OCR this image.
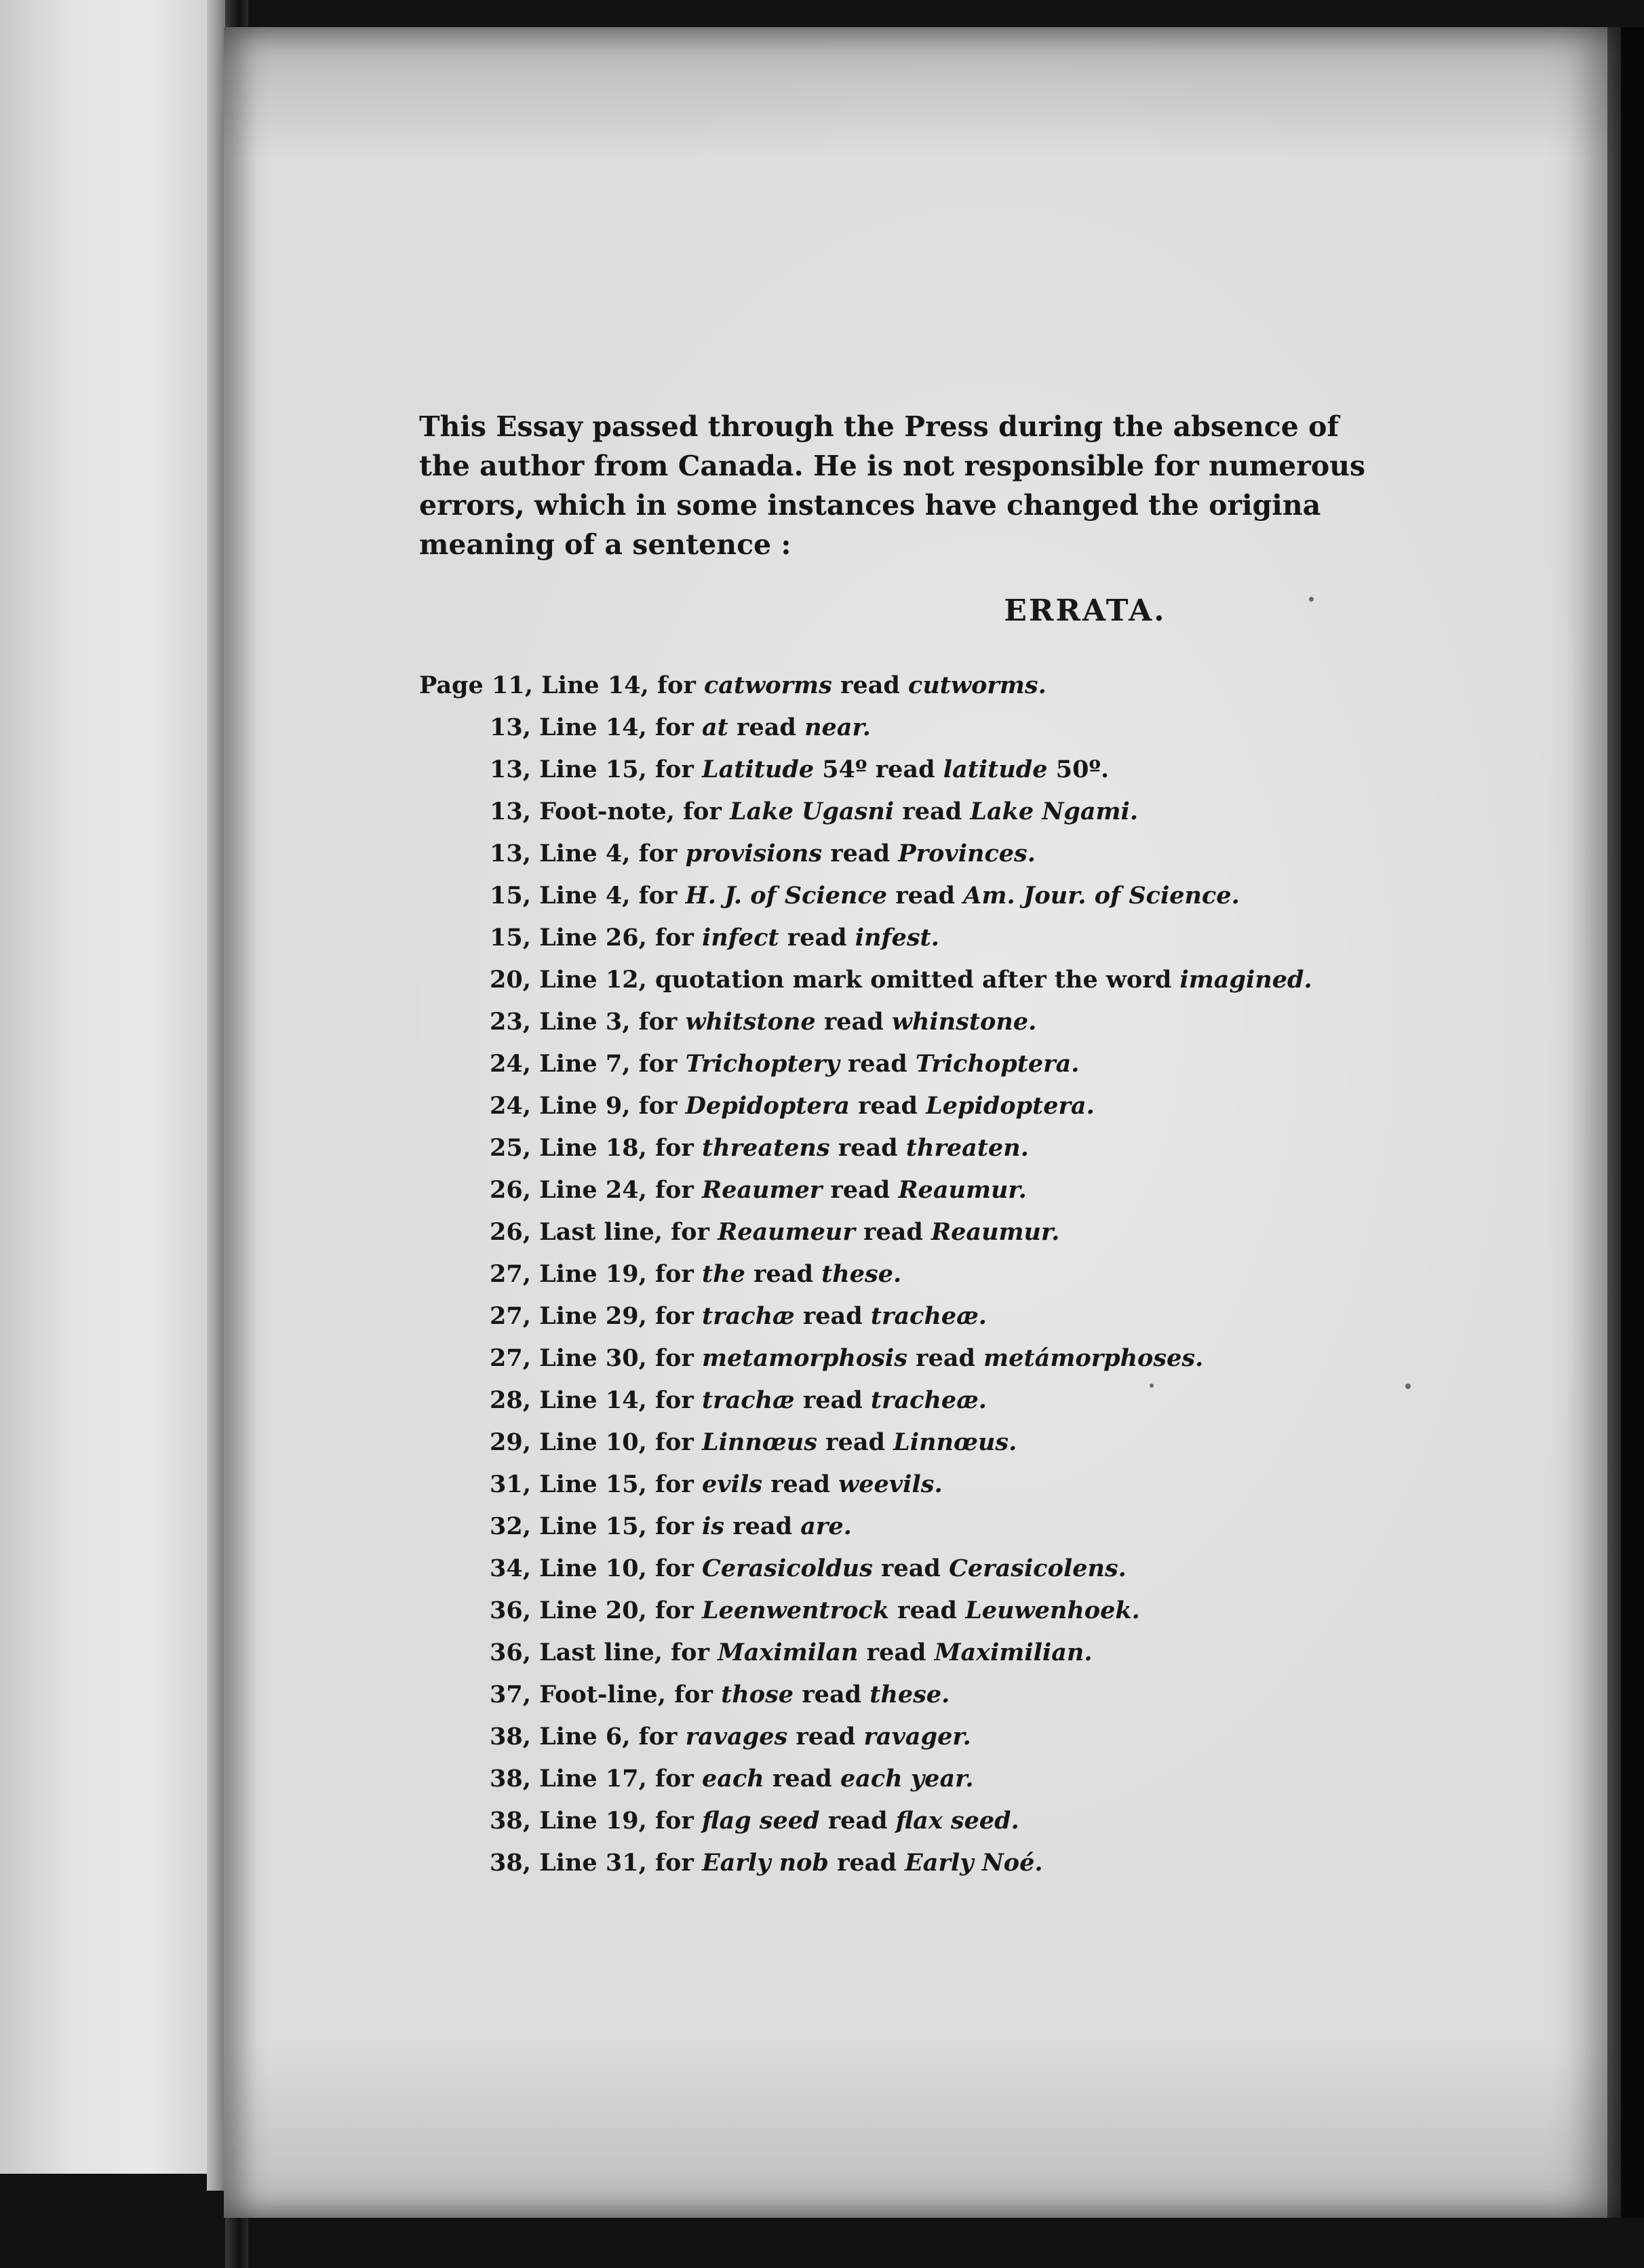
This Essay passed through the Press during the absence of
the author from Canada. He is not responsible for numerous
errors, which in some instances have changed the origina
meaning of a sentence :
ERRATA.
Page 11, Line 14, for catworms read cutworms.
13, Line 14, for at read near.
13, Line 15, for Latitude 54º read latitude 50º.
13, Foot-note, for Lake Ugasni read Lake Ngami.
13, Line 4, for provisions read Provinces.
15, Line 4, for H. J. of Science read Am. Jour. of Science.
15, Line 26, for infect read infest.
20, Line 12, quotation mark omitted after the word imagined.
23, Line 3, for whitstone read whinstone.
24, Line 7, for Trichoptery read Trichoptera.
24, Line 9, for Depidoptera read Lepidoptera.
25, Line 18, for threatens read threaten.
26, Line 24, for Reaumer read Reaumur.
26, Last line, for Reaumeur read Reaumur.
27, Line 19, for the read these.
27, Line 29, for trachæ read tracheæ.
27, Line 30, for metamorphosis read metámorphoses.
28, Line 14, for trachæ read tracheæ.
29, Line 10, for Linnœus read Linnœus.
31, Line 15, for evils read weevils.
32, Line 15, for is read are.
34, Line 10, for Cerasicoldus read Cerasicolens.
36, Line 20, for Leenwentrock read Leuwenhoek.
36, Last line, for Maximilan read Maximilian.
37, Foot-line, for those read these.
38, Line 6, for ravages read ravager.
38, Line 17, for each read each year.
38, Line 19, for flag seed read flax seed.
38, Line 31, for Early nob read Early Noé.
